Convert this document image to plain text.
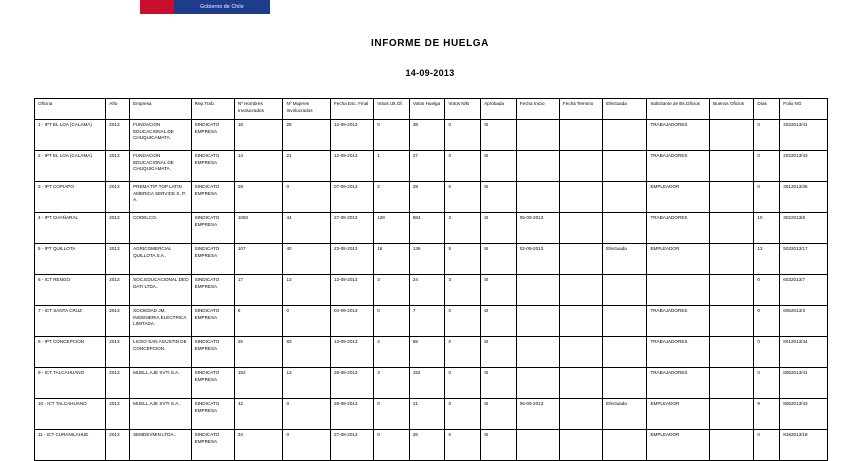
Gobierno de Chile
INFORME DE HUELGA
14-09-2013
Oficina	Año	Empresa	Rep.Trab.	Nº Hombres Involucrados	Nº Mujeres Involucrados	Fecha Esc. Final	Votos Ult.Of.	Votos Huelga	Votos N/B	Aprobada	Fecha Inicio	Fecha Termino	Efectuada	Solicitante de Bs.Oficios	Buenos Oficios	Días	Folio NG
1 - IPT EL LOA (CALAMA)	2013	FUNDACION EDUCACIONAL DE CHUQUICAMATA.	SINDICATO EMPRESA	18	28	12-09-2013	0	38	0	SI				TRABAJADORES		0	2022013/41
2 - IPT EL LOA (CALAMA)	2013	FUNDACION EDUCACIONAL DE CHUQUICAMATA.	SINDICATO EMPRESA	14	21	12-09-2013	1	27	0	SI				TRABAJADORES		0	2022013/43
3 - IPT COPIAPO	2013	PREMA TIP TOP LATIN AMERICA SERVICE S. P. A.	SINDICATO EMPRESA	28	0	07-09-2013	2	28	0	SI				EMPLEADOR		0	3012013/36
4 - IPT CHAÑARAL	2013	CODELCO.	SINDICATO EMPRESA	1082	44	27-08-2013	128	884	3	SI	05-09-2013			TRABAJADORES		10	3022013/8
5 - IPT QUILLOTA	2013	AGRICOMERCIAL QUILLOTA S.A..	SINDICATO EMPRESA	107	40	23-08-2013	16	136	5	SI	02-09-2013		Efectuada	EMPLEADOR		13	5032013/17
6 - ICT RENGO	2013	SOC.EDUCACIONAL DEO DATI LTDA..	SINDICATO EMPRESA	17	13	12-09-2013	3	24	3	SI						0	6032013/7
7 - ICT SANTA CRUZ	2013	SOCIEDAD JM. INGENIERIA ELECTRICA LIMITADA.	SINDICATO EMPRESA	8	0	04-09-2013	0	7	0	SI				TRABAJADORES		0	6052013/3
8 - IPT CONCEPCION	2013	LICEO SAN AGUSTIN DE CONCEPCION.	SINDICATO EMPRESA	25	83	13-09-2013	4	85	0	SI				TRABAJADORES		0	8012013/44
9 - ICT TALCAHUANO	2013	MUELL.AJE SVTI S.A..	SINDICATO EMPRESA	152	13	28-08-2013	3	152	0	SI				TRABAJADORES		0	8052013/41
10 - ICT TALCAHUANO	2013	MUELL.AJE SVTI S.A..	SINDICATO EMPRESA	42	0	28-08-2013	0	41	0	SI	05-09-2013		Efectuada	EMPLEADOR		9	8052013/43
11 - ICT CURANILAHUE	2013	SEMDEVMIN LTDA..	SINDICATO EMPRESA	34	0	27-08-2013	0	26	0	SI				EMPLEADOR		0	8182013/18
